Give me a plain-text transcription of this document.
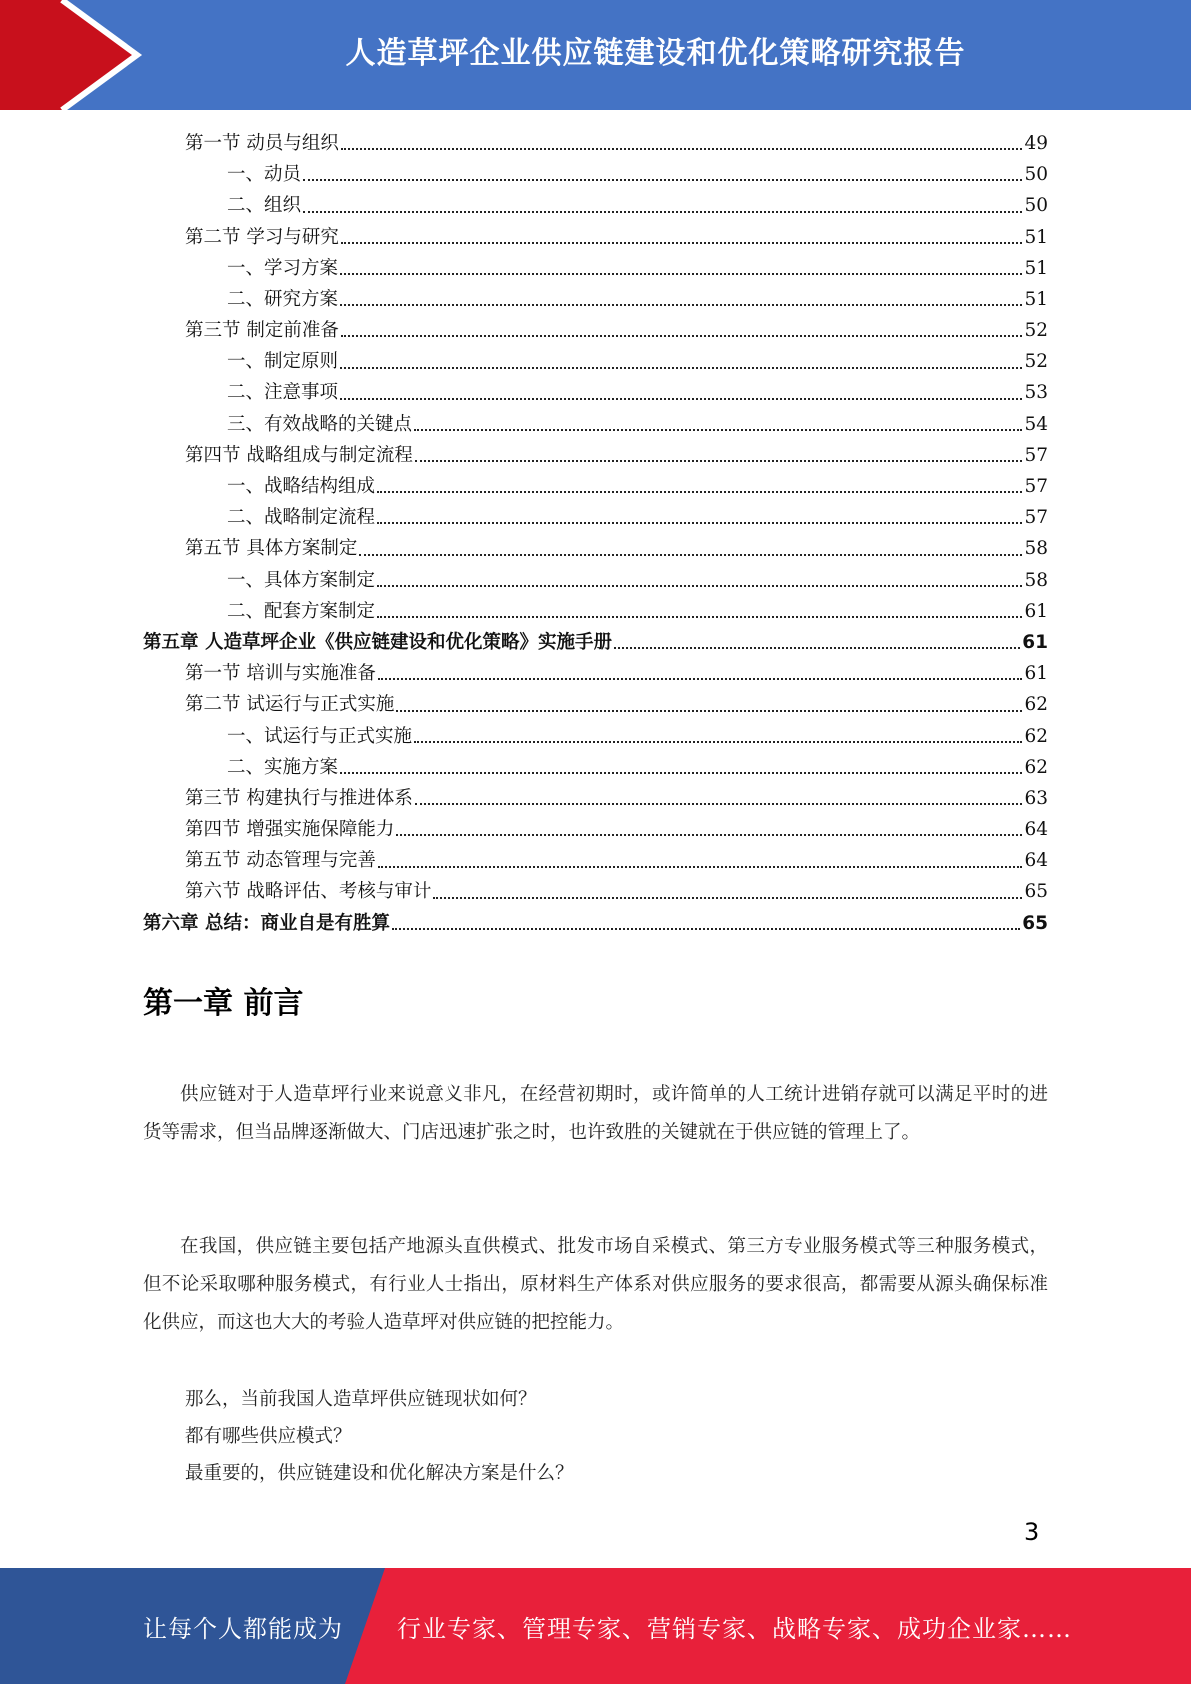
人造草坪企业供应链建设和优化策略研究报告
第一节 动员与组织	49
一、动员	50
二、组织	50
第二节 学习与研究	51
一、学习方案	51
二、研究方案	51
第三节 制定前准备	52
一、制定原则	52
二、注意事项	53
三、有效战略的关键点	54
第四节 战略组成与制定流程	57
一、战略结构组成	57
二、战略制定流程	57
第五节 具体方案制定	58
一、具体方案制定	58
二、配套方案制定	61
第五章 人造草坪企业《供应链建设和优化策略》实施手册	61
第一节 培训与实施准备	61
第二节 试运行与正式实施	62
一、试运行与正式实施	62
二、实施方案	62
第三节 构建执行与推进体系	63
第四节 增强实施保障能力	64
第五节 动态管理与完善	64
第六节 战略评估、考核与审计	65
第六章 总结：商业自是有胜算	65
第一章 前言

供应链对于人造草坪行业来说意义非凡，在经营初期时，或许简单的人工统计进销存就可以满足平时的进货等需求，但当品牌逐渐做大、门店迅速扩张之时，也许致胜的关键就在于供应链的管理上了。

在我国，供应链主要包括产地源头直供模式、批发市场自采模式、第三方专业服务模式等三种服务模式，但不论采取哪种服务模式，有行业人士指出，原材料生产体系对供应服务的要求很高，都需要从源头确保标准化供应，而这也大大的考验人造草坪对供应链的把控能力。

那么，当前我国人造草坪供应链现状如何？
都有哪些供应模式？
最重要的，供应链建设和优化解决方案是什么？
3
让每个人都能成为 行业专家、管理专家、营销专家、战略专家、成功企业家……
